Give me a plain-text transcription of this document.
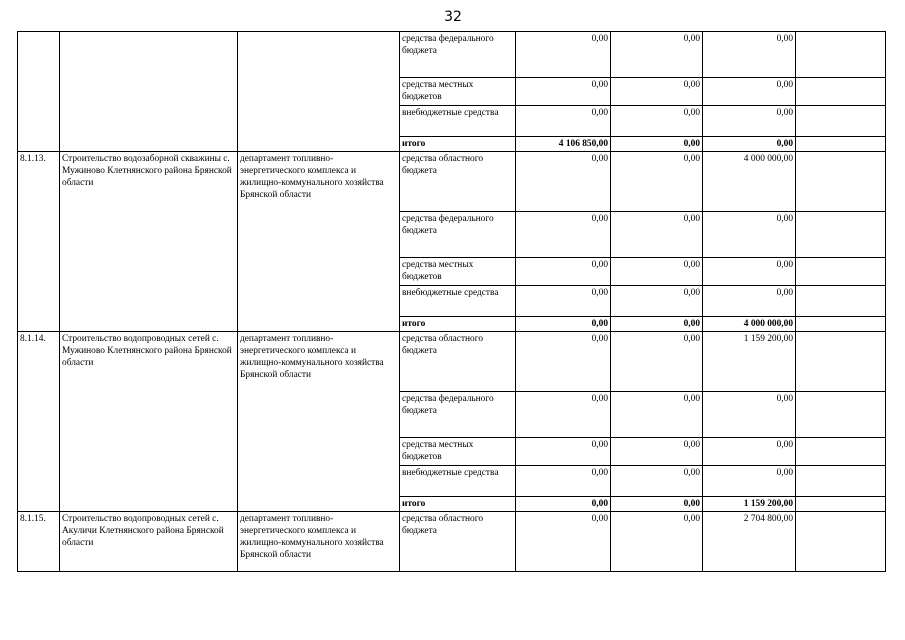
32
			средства федерального бюджета	0,00	0,00	0,00	
			средства местных бюджетов	0,00	0,00	0,00	
			внебюджетные средства	0,00	0,00	0,00	
			итого	4 106 850,00	0,00	0,00	
8.1.13.	Строительство водозаборной скважины с. Мужиново Клетнянского района Брянской области	департамент топливно-энергетического комплекса и жилищно-коммунального хозяйства Брянской области	средства областного бюджета	0,00	0,00	4 000 000,00	
			средства федерального бюджета	0,00	0,00	0,00	
			средства местных бюджетов	0,00	0,00	0,00	
			внебюджетные средства	0,00	0,00	0,00	
			итого	0,00	0,00	4 000 000,00	
8.1.14.	Строительство водопроводных сетей с. Мужиново Клетнянского района Брянской области	департамент топливно-энергетического комплекса и жилищно-коммунального хозяйства Брянской области	средства областного бюджета	0,00	0,00	1 159 200,00	
			средства федерального бюджета	0,00	0,00	0,00	
			средства местных бюджетов	0,00	0,00	0,00	
			внебюджетные средства	0,00	0,00	0,00	
			итого	0,00	0,00	1 159 200,00	
8.1.15.	Строительство водопроводных сетей с. Акуличи Клетнянского района Брянской области	департамент топливно-энергетического комплекса и жилищно-коммунального хозяйства Брянской области	средства областного бюджета	0,00	0,00	2 704 800,00	
